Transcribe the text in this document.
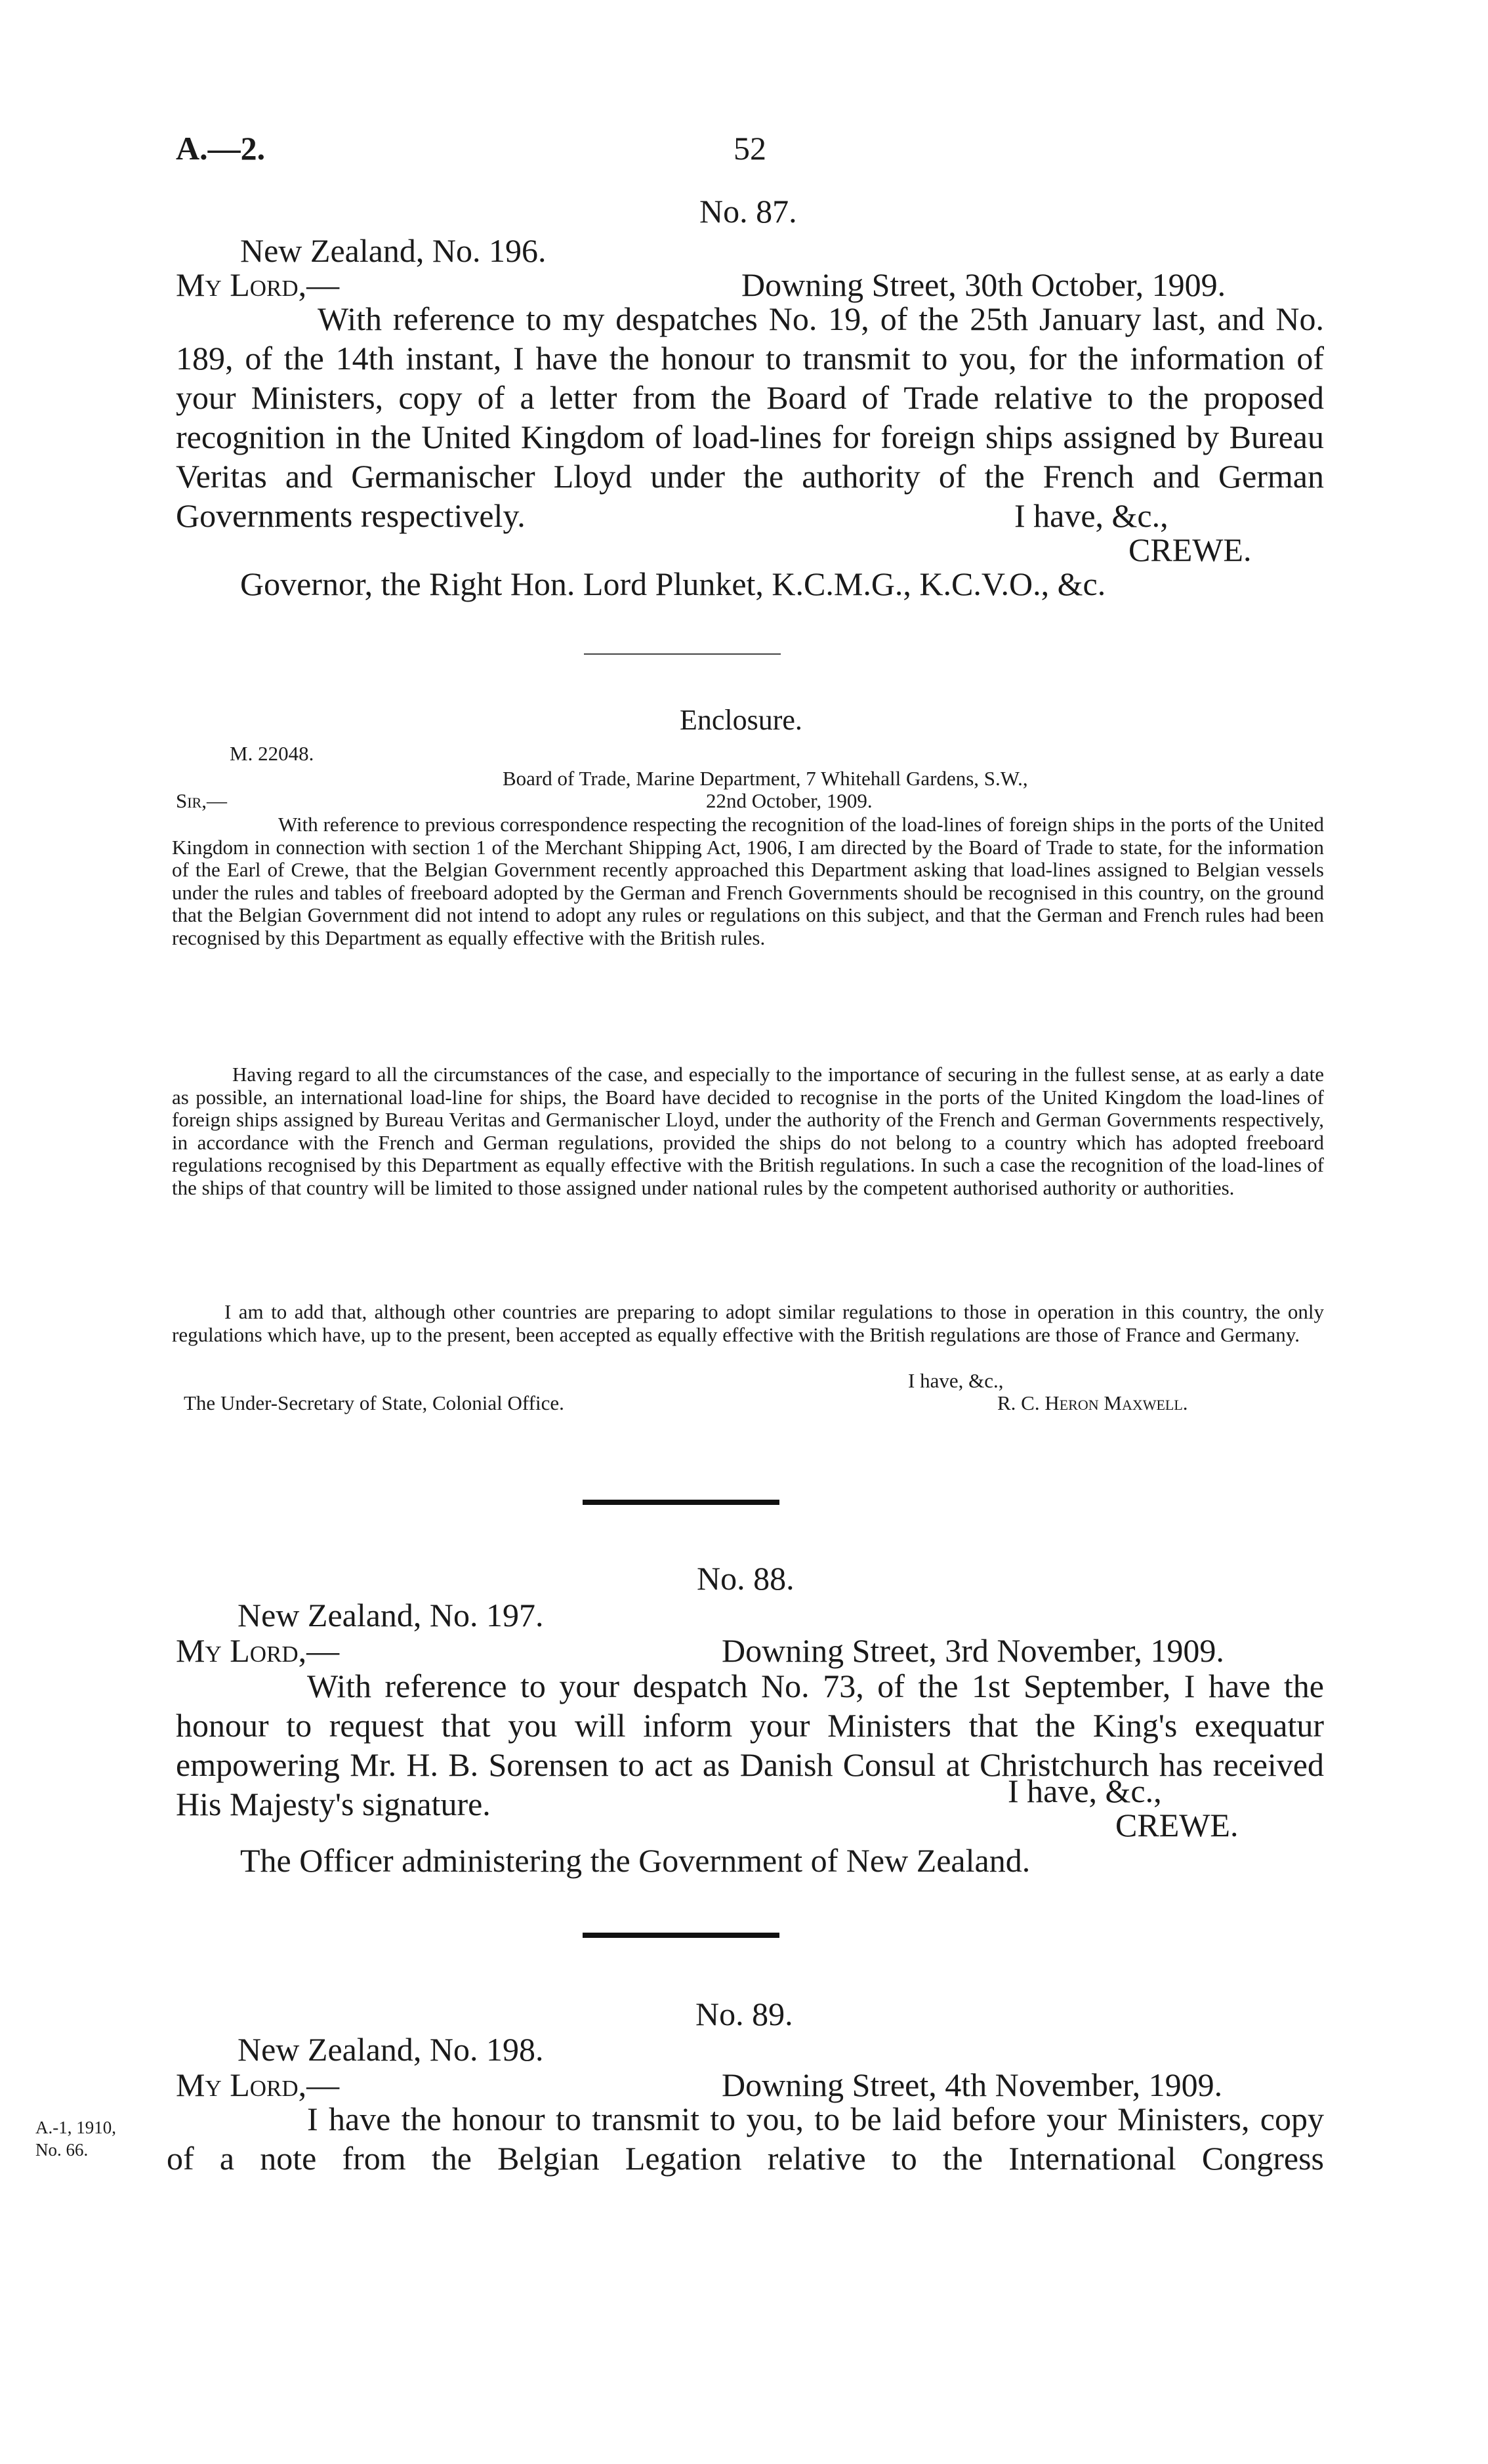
A.—2.	52
No. 87.
New Zealand, No. 196.
My Lord,—	Downing Street, 30th October, 1909.

With reference to my despatches No. 19, of the 25th January last, and No. 189, of the 14th instant, I have the honour to transmit to you, for the information of your Ministers, copy of a letter from the Board of Trade relative to the proposed recognition in the United Kingdom of load-lines for foreign ships assigned by Bureau Veritas and Germanischer Lloyd under the authority of the French and German Governments respectively.	I have, &c.,
CREWE.
Governor, the Right Hon. Lord Plunket, K.C.M.G., K.C.V.O., &c.
Enclosure.
M. 22048.
Board of Trade, Marine Department, 7 Whitehall Gardens, S.W.,
Sir,—	22nd October, 1909.

With reference to previous correspondence respecting the recognition of the load-lines of foreign ships in the ports of the United Kingdom in connection with section 1 of the Merchant Shipping Act, 1906, I am directed by the Board of Trade to state, for the information of the Earl of Crewe, that the Belgian Government recently approached this Department asking that load-lines assigned to Belgian vessels under the rules and tables of freeboard adopted by the German and French Governments should be recognised in this country, on the ground that the Belgian Government did not intend to adopt any rules or regulations on this subject, and that the German and French rules had been recognised by this Department as equally effective with the British rules.

Having regard to all the circumstances of the case, and especially to the importance of securing in the fullest sense, at as early a date as possible, an international load-line for ships, the Board have decided to recognise in the ports of the United Kingdom the load-lines of foreign ships assigned by Bureau Veritas and Germanischer Lloyd, under the authority of the French and German Governments respectively, in accordance with the French and German regulations, provided the ships do not belong to a country which has adopted freeboard regulations recognised by this Department as equally effective with the British regulations. In such a case the recognition of the load-lines of the ships of that country will be limited to those assigned under national rules by the competent authorised authority or authorities.

I am to add that, although other countries are preparing to adopt similar regulations to those in operation in this country, the only regulations which have, up to the present, been accepted as equally effective with the British regulations are those of France and Germany.

I have, &c.,
The Under-Secretary of State, Colonial Office.	R. C. Heron Maxwell.
No. 88.
New Zealand, No. 197.
My Lord,—	Downing Street, 3rd November, 1909.

With reference to your despatch No. 73, of the 1st September, I have the honour to request that you will inform your Ministers that the King's exequatur empowering Mr. H. B. Sorensen to act as Danish Consul at Christchurch has received His Majesty's signature.	I have, &c.,
CREWE.
The Officer administering the Government of New Zealand.
No. 89.
New Zealand, No. 198.
My Lord,—	Downing Street, 4th November, 1909.

I have the honour to transmit to you, to be laid before your Ministers, copy of a note from the Belgian Legation relative to the International Congress

A.-1, 1910,
No. 66.
